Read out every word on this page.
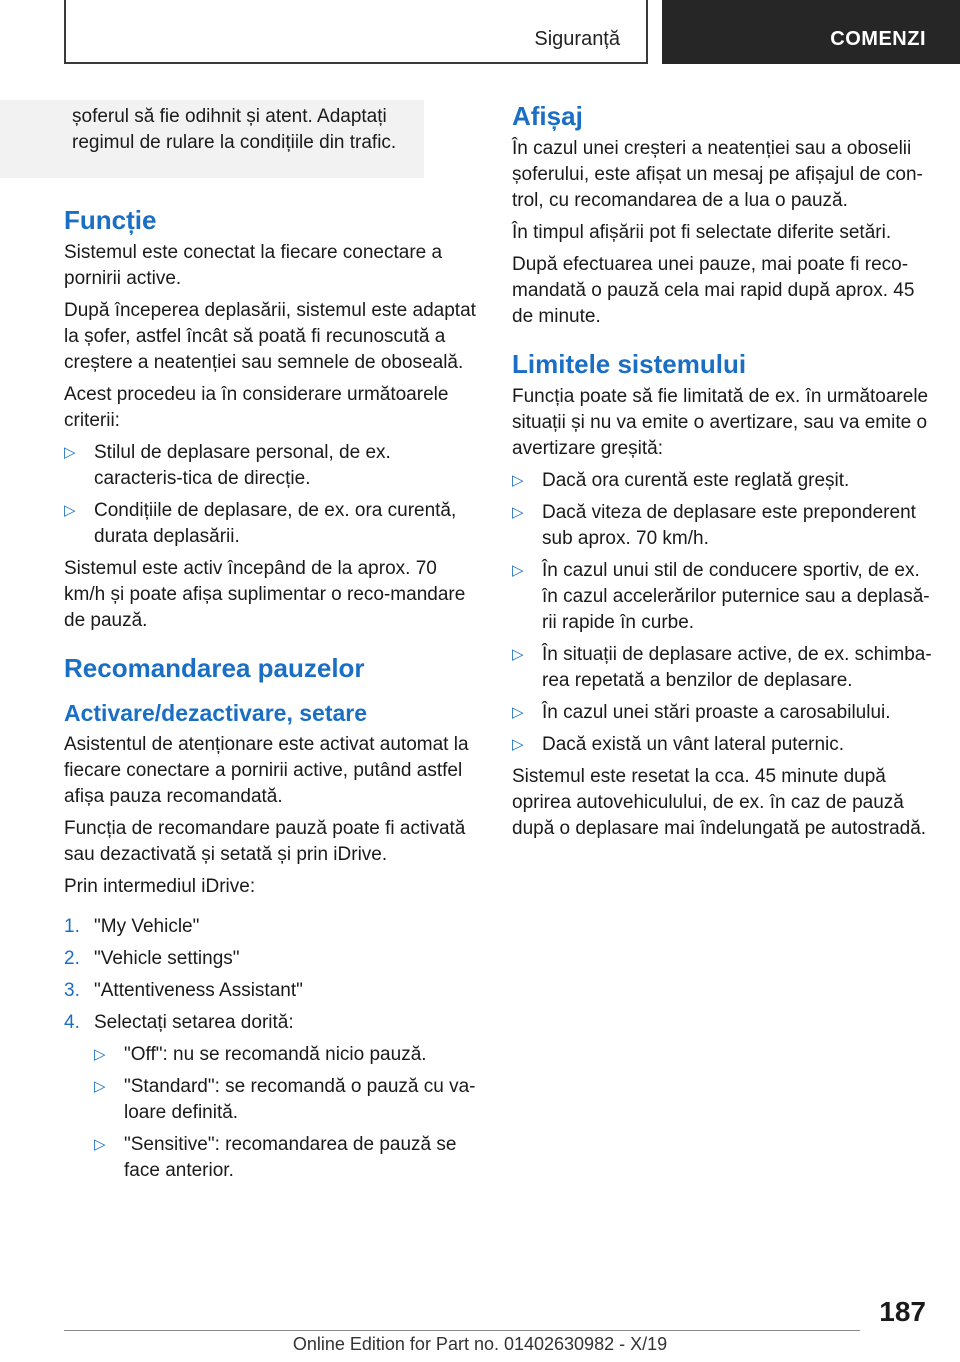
Siguranță	COMENZI

șoferul să fie odihnit și atent. Adaptați regimul de rulare la condițiile din trafic.

Funcție

Sistemul este conectat la fiecare conectare a pornirii active.

După începerea deplasării, sistemul este adaptat la șofer, astfel încât să poată fi recunoscută a creștere a neatenției sau semnele de oboseală.

Acest procedeu ia în considerare următoarele criterii:

▷ Stilul de deplasare personal, de ex. caracteris‐tica de direcție.
▷ Condițiile de deplasare, de ex. ora curentă, durata deplasării.

Sistemul este activ începând de la aprox. 70 km/h și poate afișa suplimentar o reco‐mandare de pauză.

Recomandarea pauzelor
Activare/dezactivare, setare

Asistentul de atenționare este activat automat la fiecare conectare a pornirii active, putând astfel afișa pauza recomandată.

Funcția de recomandare pauză poate fi activată sau dezactivată și setată și prin iDrive.

Prin intermediul iDrive:

1. "My Vehicle"
2. "Vehicle settings"
3. "Attentiveness Assistant"
4. Selectați setarea dorită:
▷ "Off": nu se recomandă nicio pauză.
▷ "Standard": se recomandă o pauză cu va‐loare definită.
▷ "Sensitive": recomandarea de pauză se face anterior.
Afișaj

În cazul unei creșteri a neatenției sau a oboselii șoferului, este afișat un mesaj pe afișajul de con‐trol, cu recomandarea de a lua o pauză.

În timpul afișării pot fi selectate diferite setări.

După efectuarea unei pauze, mai poate fi reco‐mandată o pauză cela mai rapid după aprox. 45 de minute.

Limitele sistemului

Funcția poate să fie limitată de ex. în următoarele situații și nu va emite o avertizare, sau va emite o avertizare greșită:

▷ Dacă ora curentă este reglată greșit.
▷ Dacă viteza de deplasare este preponderent sub aprox. 70 km/h.
▷ În cazul unui stil de conducere sportiv, de ex. în cazul accelerărilor puternice sau a deplasă‐rii rapide în curbe.
▷ În situații de deplasare active, de ex. schimba‐rea repetată a benzilor de deplasare.
▷ În cazul unei stări proaste a carosabilului.
▷ Dacă există un vânt lateral puternic.

Sistemul este resetat la cca. 45 minute după oprirea autovehiculului, de ex. în caz de pauză după o deplasare mai îndelungată pe autostradă.

187
Online Edition for Part no. 01402630982 - X/19
